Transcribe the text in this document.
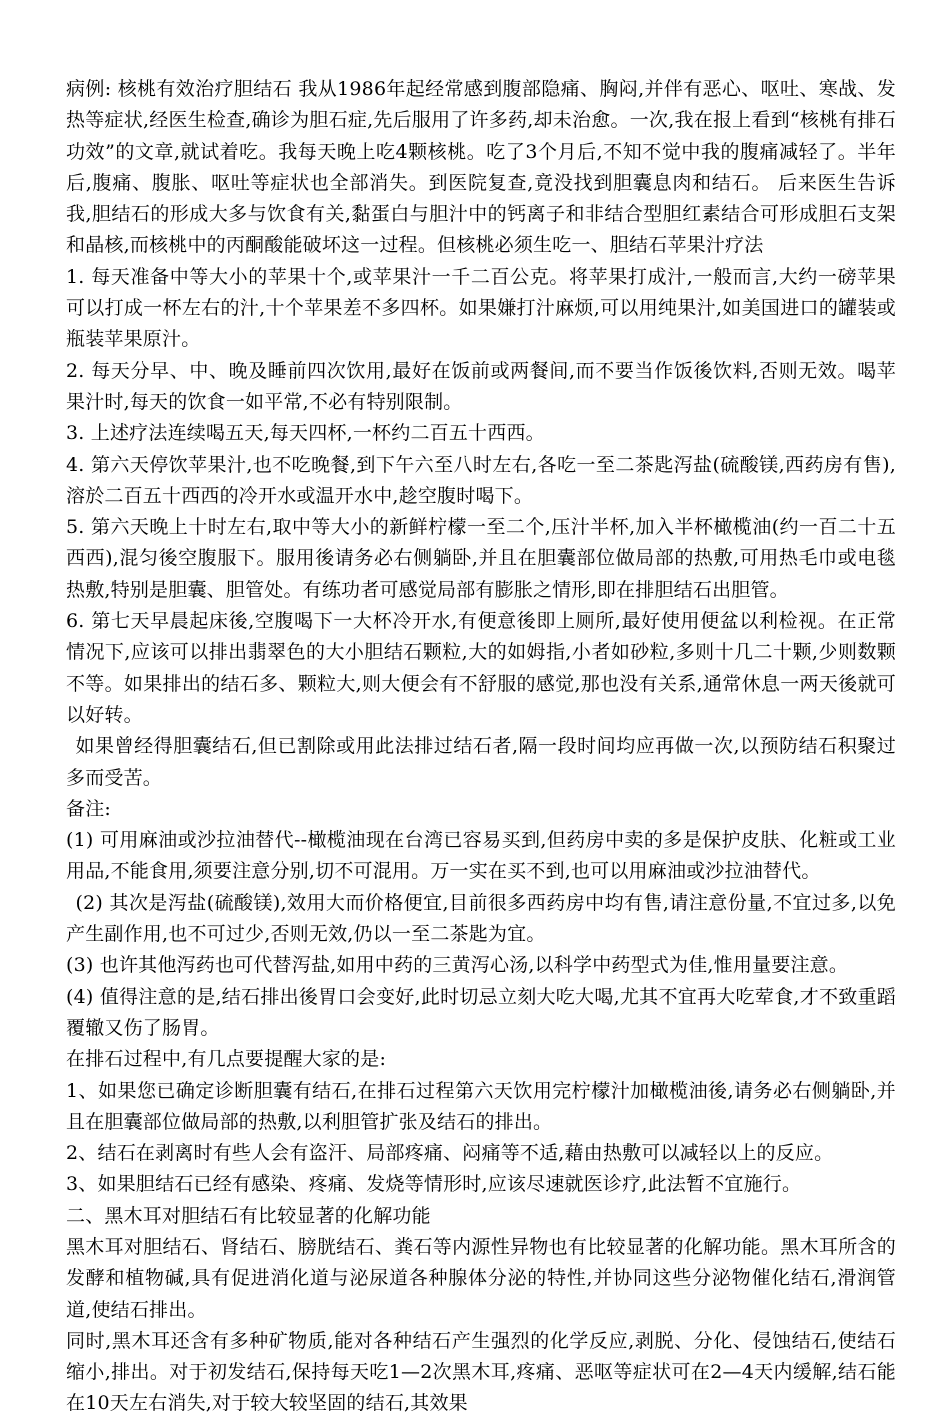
病例: 核桃有效治疗胆结石 我从1986年起经常感到腹部隐痛、胸闷,并伴有恶心、呕吐、寒战、发热等症状,经医生检查,确诊为胆石症,先后服用了许多药,却未治愈。一次,我在报上看到“核桃有排石功效”的文章,就试着吃。我每天晚上吃4颗核桃。吃了3个月后,不知不觉中我的腹痛减轻了。半年后,腹痛、腹胀、呕吐等症状也全部消失。到医院复查,竟没找到胆囊息肉和结石。 后来医生告诉我,胆结石的形成大多与饮食有关,黏蛋白与胆汁中的钙离子和非结合型胆红素结合可形成胆石支架和晶核,而核桃中的丙酮酸能破坏这一过程。但核桃必须生吃一、胆结石苹果汁疗法

1. 每天准备中等大小的苹果十个,或苹果汁一千二百公克。将苹果打成汁,一般而言,大约一磅苹果可以打成一杯左右的汁,十个苹果差不多四杯。如果嫌打汁麻烦,可以用纯果汁,如美国进口的罐装或瓶装苹果原汁。

2. 每天分早、中、晚及睡前四次饮用,最好在饭前或两餐间,而不要当作饭後饮料,否则无效。喝苹果汁时,每天的饮食一如平常,不必有特别限制。

3. 上述疗法连续喝五天,每天四杯,一杯约二百五十西西。

4. 第六天停饮苹果汁,也不吃晚餐,到下午六至八时左右,各吃一至二茶匙泻盐(硫酸镁,西药房有售),溶於二百五十西西的冷开水或温开水中,趁空腹时喝下。

5. 第六天晚上十时左右,取中等大小的新鲜柠檬一至二个,压汁半杯,加入半杯橄榄油(约一百二十五西西),混匀後空腹服下。服用後请务必右侧躺卧,并且在胆囊部位做局部的热敷,可用热毛巾或电毯热敷,特别是胆囊、胆管处。有练功者可感觉局部有膨胀之情形,即在排胆结石出胆管。

6. 第七天早晨起床後,空腹喝下一大杯冷开水,有便意後即上厕所,最好使用便盆以利检视。在正常情况下,应该可以排出翡翠色的大小胆结石颗粒,大的如姆指,小者如砂粒,多则十几二十颗,少则数颗不等。如果排出的结石多、颗粒大,则大便会有不舒服的感觉,那也没有关系,通常休息一两天後就可以好转。

如果曾经得胆囊结石,但已割除或用此法排过结石者,隔一段时间均应再做一次,以预防结石积聚过多而受苦。

备注:

(1) 可用麻油或沙拉油替代--橄榄油现在台湾已容易买到,但药房中卖的多是保护皮肤、化粧或工业用品,不能食用,须要注意分别,切不可混用。万一实在买不到,也可以用麻油或沙拉油替代。

(2) 其次是泻盐(硫酸镁),效用大而价格便宜,目前很多西药房中均有售,请注意份量,不宜过多,以免产生副作用,也不可过少,否则无效,仍以一至二茶匙为宜。

(3) 也许其他泻药也可代替泻盐,如用中药的三黄泻心汤,以科学中药型式为佳,惟用量要注意。

(4) 值得注意的是,结石排出後胃口会变好,此时切忌立刻大吃大喝,尤其不宜再大吃荤食,才不致重蹈覆辙又伤了肠胃。

在排石过程中,有几点要提醒大家的是:

1、如果您已确定诊断胆囊有结石,在排石过程第六天饮用完柠檬汁加橄榄油後,请务必右侧躺卧,并且在胆囊部位做局部的热敷,以利胆管扩张及结石的排出。

2、结石在剥离时有些人会有盗汗、局部疼痛、闷痛等不适,藉由热敷可以减轻以上的反应。

3、如果胆结石已经有感染、疼痛、发烧等情形时,应该尽速就医诊疗,此法暂不宜施行。

二、黑木耳对胆结石有比较显著的化解功能

黑木耳对胆结石、肾结石、膀胱结石、粪石等内源性异物也有比较显著的化解功能。黑木耳所含的发酵和植物碱,具有促进消化道与泌尿道各种腺体分泌的特性,并协同这些分泌物催化结石,滑润管道,使结石排出。

同时,黑木耳还含有多种矿物质,能对各种结石产生强烈的化学反应,剥脱、分化、侵蚀结石,使结石缩小,排出。对于初发结石,保持每天吃1—2次黑木耳,疼痛、恶呕等症状可在2—4天内缓解,结石能在10天左右消失,对于较大较坚固的结石,其效果
